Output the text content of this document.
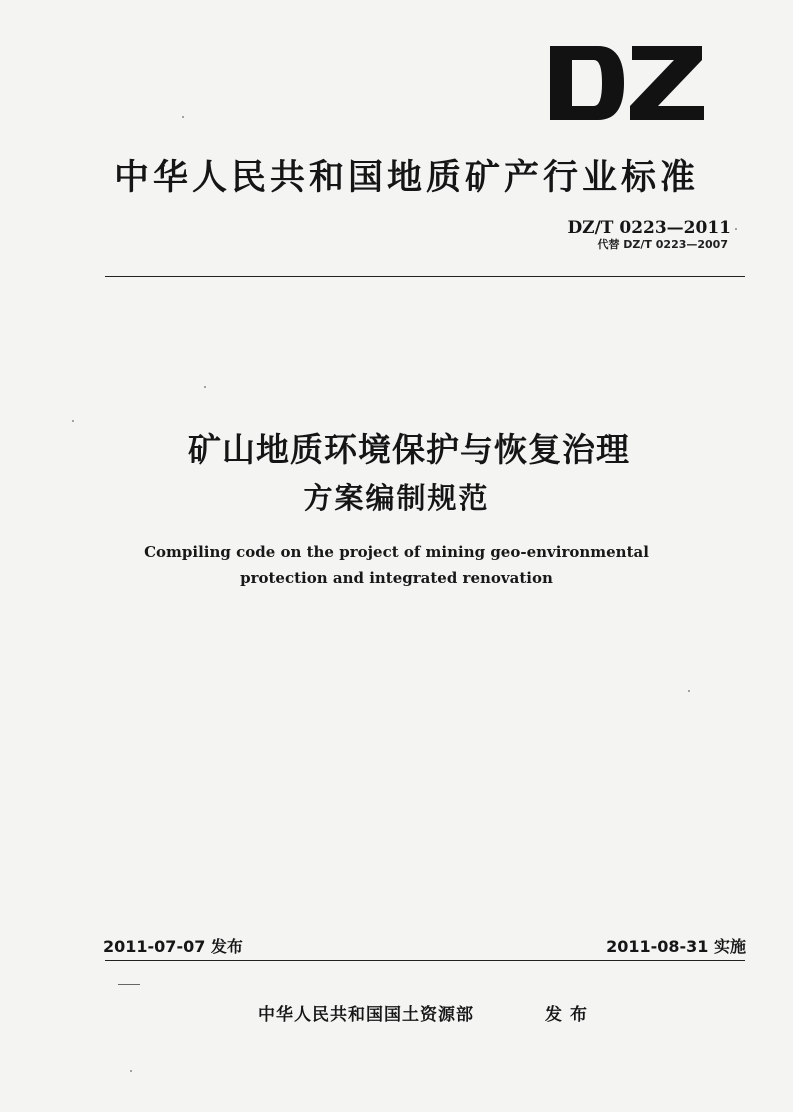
中华人民共和国地质矿产行业标准
DZ/T 0223—2011
代替 DZ/T 0223—2007
矿山地质环境保护与恢复治理
方案编制规范
Compiling code on the project of mining geo-environmental
protection and integrated renovation
2011-07-07 发布	2011-08-31 实施
中华人民共和国国土资源部	发布
